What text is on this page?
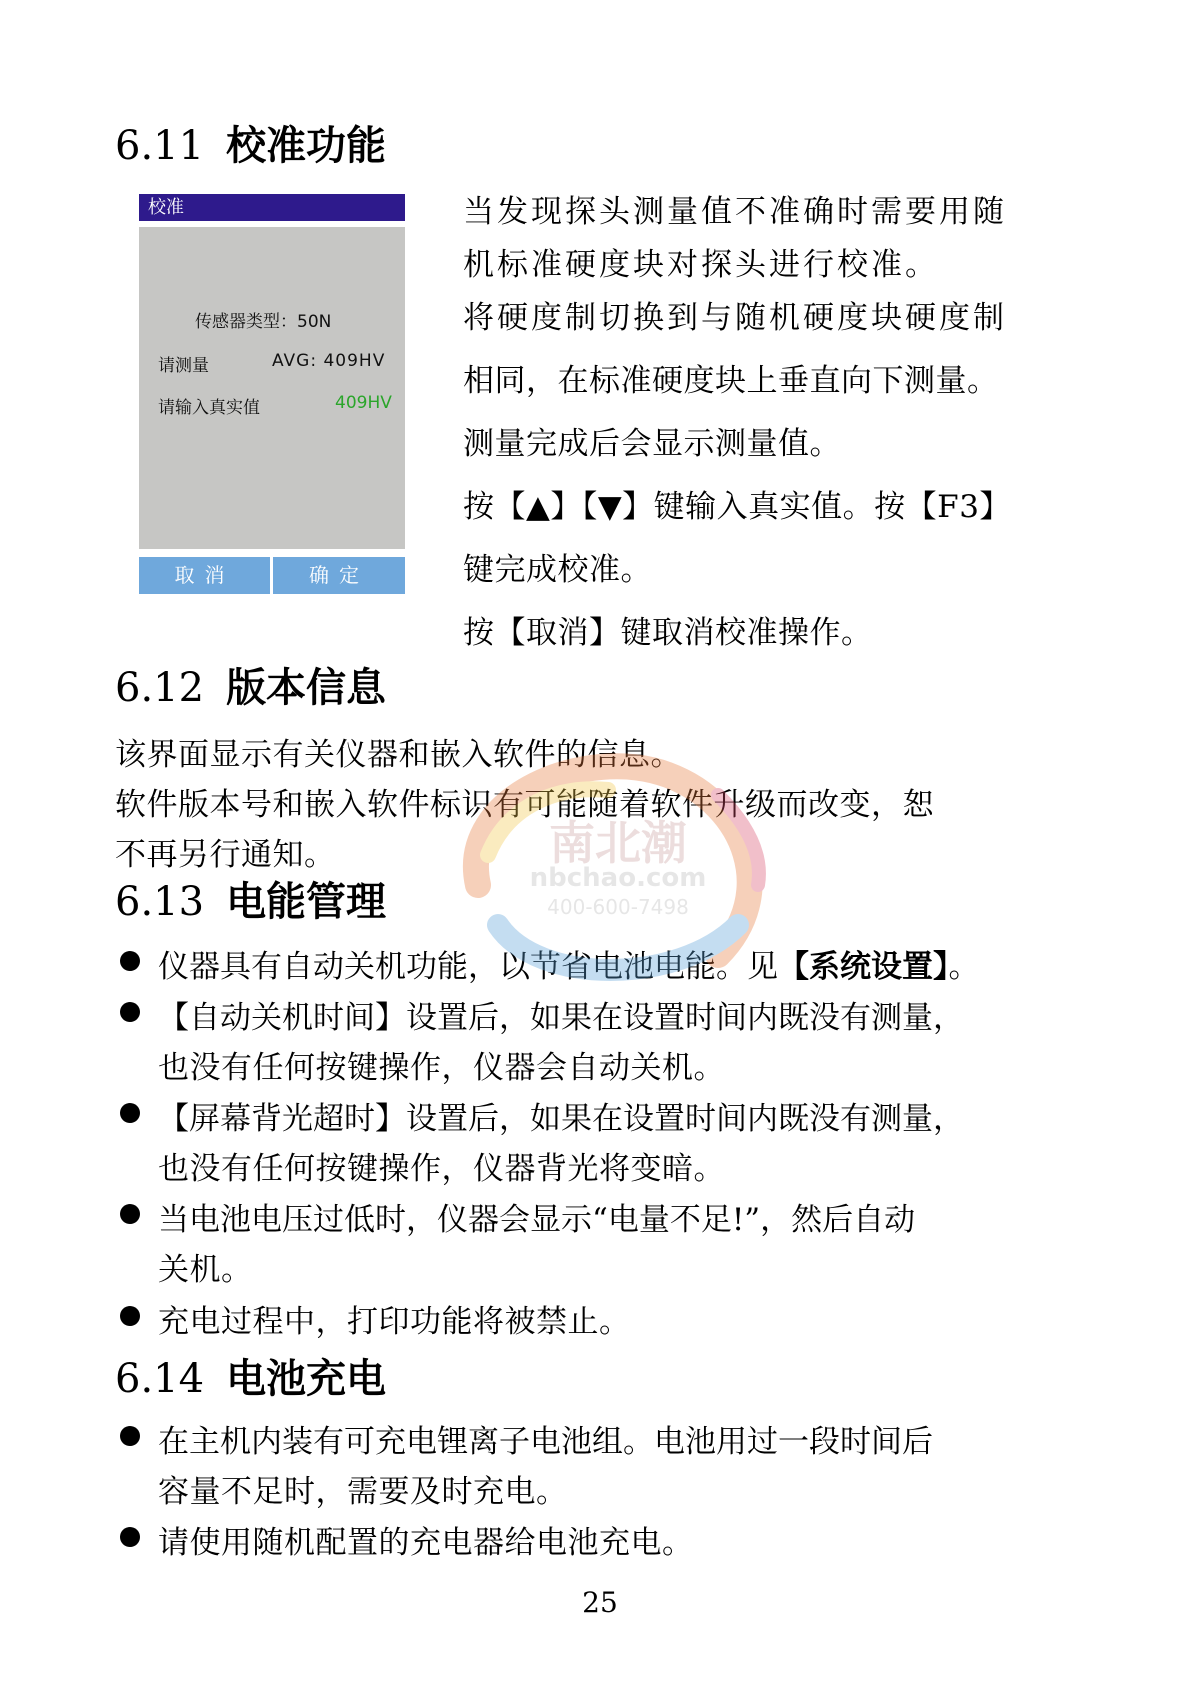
6.11 校准功能
校准
传感器类型：50N
请测量	AVG: 409HV
请输入真实值	409HV
取消	确定

当发现探头测量值不准确时需要用随

机标准硬度块对探头进行校准。

将硬度制切换到与随机硬度块硬度制

相同，在标准硬度块上垂直向下测量。

测量完成后会显示测量值。

按【▲】【▼】键输入真实值。按【F3】

键完成校准。

按【取消】键取消校准操作。

6.12 版本信息

该界面显示有关仪器和嵌入软件的信息。

软件版本号和嵌入软件标识有可能随着软件升级而改变，恕

不再另行通知。

6.13 电能管理

仪器具有自动关机功能，以节省电池电能。见【系统设置】。

【自动关机时间】设置后，如果在设置时间内既没有测量，

也没有任何按键操作，仪器会自动关机。

【屏幕背光超时】设置后，如果在设置时间内既没有测量，

也没有任何按键操作，仪器背光将变暗。

当电池电压过低时，仪器会显示“电量不足!”，然后自动

关机。

充电过程中，打印功能将被禁止。

6.14 电池充电

在主机内装有可充电锂离子电池组。电池用过一段时间后

容量不足时，需要及时充电。

请使用随机配置的充电器给电池充电。

南北潮
nbchao.com
400-600-7498
25
